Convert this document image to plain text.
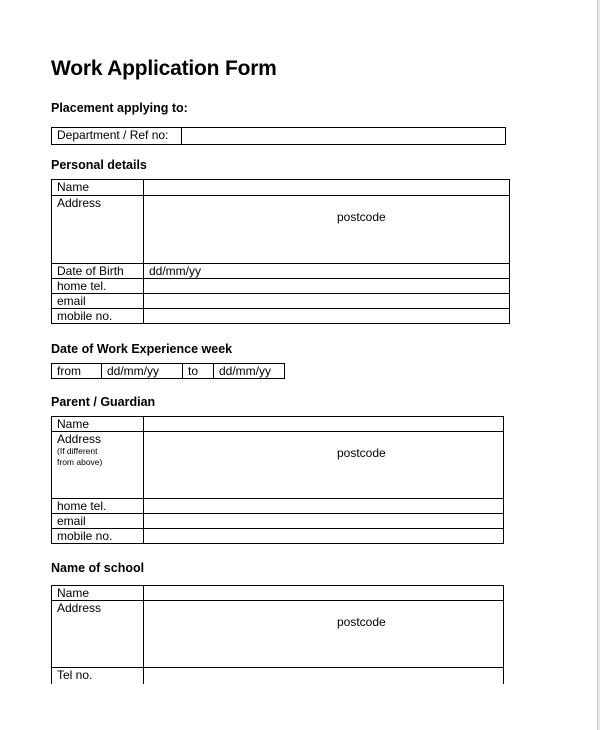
Work Application Form
Placement applying to:
Department / Ref no:	
Personal details
Name	
Address	postcode

Date of Birth	dd/mm/yy
home tel.	
email	
mobile no.	
Date of Work Experience week
from	dd/mm/yy	to	dd/mm/yy
Parent / Guardian
Name	
Address
(If different
from above)	postcode

home tel.	
email	
mobile no.	
Name of school
Name	
Address	postcode

Tel no.	
